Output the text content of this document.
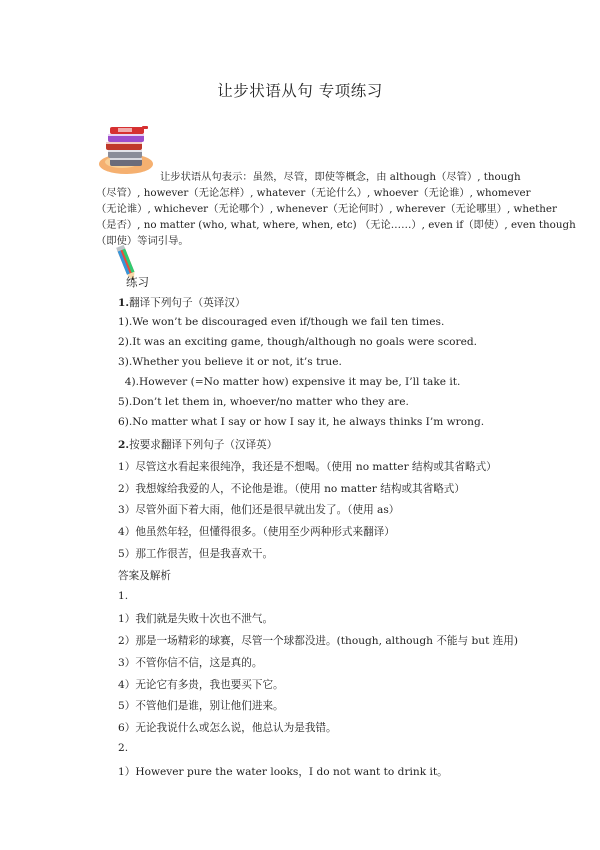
让步状语从句 专项练习
让步状语从句表示：虽然，尽管，即使等概念，由 although（尽管）, though
（尽管）, however（无论怎样）, whatever（无论什么）, whoever（无论谁）, whomever
（无论谁）, whichever（无论哪个）, whenever（无论何时）, wherever（无论哪里）, whether
（是否）, no matter (who, what, where, when, etc) （无论……）, even if（即使）, even though
（即使）等词引导。
练习
1.翻译下列句子（英译汉）
1).We won’t be discouraged even if/though we fail ten times.
2).It was an exciting game, though/although no goals were scored.
3).Whether you believe it or not, it’s true.
4).However (=No matter how) expensive it may be, I’ll take it.
5).Don’t let them in, whoever/no matter who they are.
6).No matter what I say or how I say it, he always thinks I’m wrong.
2.按要求翻译下列句子（汉译英）
1）尽管这水看起来很纯净，我还是不想喝。（使用 no matter 结构或其省略式）
2）我想嫁给我爱的人，不论他是谁。（使用 no matter 结构或其省略式）
3）尽管外面下着大雨，他们还是很早就出发了。（使用 as）
4）他虽然年轻，但懂得很多。（使用至少两种形式来翻译）
5）那工作很苦，但是我喜欢干。
答案及解析
1.
1）我们就是失败十次也不泄气。
2）那是一场精彩的球赛，尽管一个球都没进。(though, although 不能与 but 连用)
3）不管你信不信，这是真的。
4）无论它有多贵，我也要买下它。
5）不管他们是谁，别让他们进来。
6）无论我说什么或怎么说，他总认为是我错。
2.
1）However pure the water looks，I do not want to drink it。
